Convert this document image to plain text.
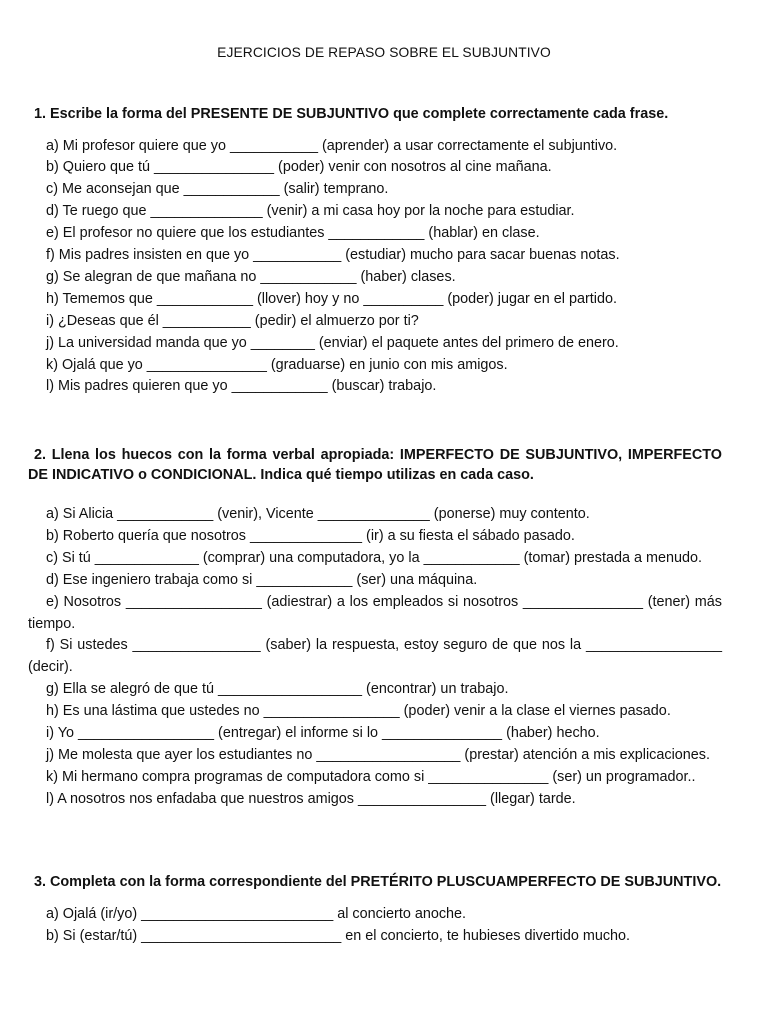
EJERCICIOS DE REPASO SOBRE EL SUBJUNTIVO
1. Escribe la forma del PRESENTE DE SUBJUNTIVO que complete correctamente cada frase.
a) Mi profesor quiere que yo ___________ (aprender) a usar correctamente el subjuntivo.
b) Quiero que tú _______________ (poder) venir con nosotros al cine mañana.
c) Me aconsejan que ____________ (salir) temprano.
d) Te ruego que ______________ (venir) a mi casa hoy por la noche para estudiar.
e) El profesor no quiere que los estudiantes ____________ (hablar) en clase.
f) Mis padres insisten en que yo ___________ (estudiar) mucho para sacar buenas notas.
g) Se alegran de que mañana no ____________ (haber) clases.
h) Tememos que ____________ (llover) hoy y no __________ (poder) jugar en el partido.
i) ¿Deseas que él ___________ (pedir) el almuerzo por ti?
j) La universidad manda que yo ________ (enviar) el paquete antes del primero de enero.
k) Ojalá que yo _______________ (graduarse) en junio con mis amigos.
l) Mis padres quieren que yo ____________ (buscar) trabajo.
2. Llena los huecos con la forma verbal apropiada: IMPERFECTO DE SUBJUNTIVO, IMPERFECTO DE INDICATIVO o CONDICIONAL. Indica qué tiempo utilizas en cada caso.
a) Si Alicia ____________ (venir), Vicente ______________ (ponerse) muy contento.
b) Roberto quería que nosotros ______________ (ir) a su fiesta el sábado pasado.
c) Si tú _____________ (comprar) una computadora, yo la ____________ (tomar) prestada a menudo.
d) Ese ingeniero trabaja como si ____________ (ser) una máquina.
e) Nosotros _________________ (adiestrar) a los empleados si nosotros _______________ (tener) más tiempo.
f) Si ustedes ________________ (saber) la respuesta, estoy seguro de que nos la _________________ (decir).
g) Ella se alegró de que tú __________________ (encontrar) un trabajo.
h) Es una lástima que ustedes no _________________ (poder) venir a la clase el viernes pasado.
i) Yo _________________ (entregar) el informe si lo _______________ (haber) hecho.
j) Me molesta que ayer los estudiantes no __________________ (prestar) atención a mis explicaciones.
k) Mi hermano compra programas de computadora como si _______________ (ser) un programador..
l) A nosotros nos enfadaba que nuestros amigos ________________ (llegar) tarde.
3. Completa con la forma correspondiente del PRETÉRITO PLUSCUAMPERFECTO DE SUBJUNTIVO.
a) Ojalá (ir/yo) ________________________ al concierto anoche.
b) Si (estar/tú) _________________________ en el concierto, te hubieses divertido mucho.
